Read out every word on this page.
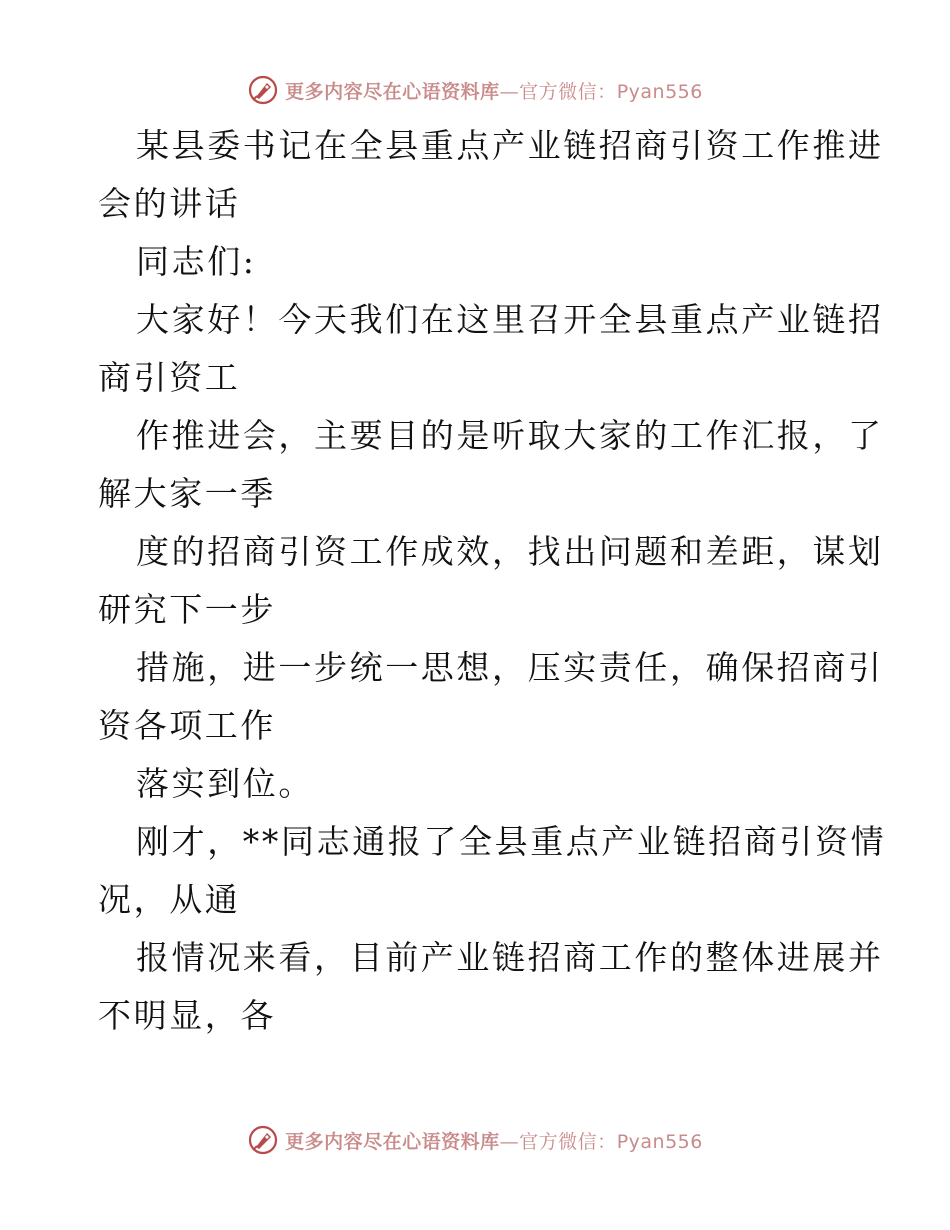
更多内容尽在心语资料库—官方微信：Pyan556
某县委书记在全县重点产业链招商引资工作推进
会的讲话
同志们:
大家好！今天我们在这里召开全县重点产业链招
商引资工
作推进会，主要目的是听取大家的工作汇报，了
解大家一季
度的招商引资工作成效，找出问题和差距，谋划
研究下一步
措施，进一步统一思想，压实责任，确保招商引
资各项工作
落实到位。
刚才，**同志通报了全县重点产业链招商引资情
况，从通
报情况来看，目前产业链招商工作的整体进展并
不明显，各
更多内容尽在心语资料库—官方微信：Pyan556
